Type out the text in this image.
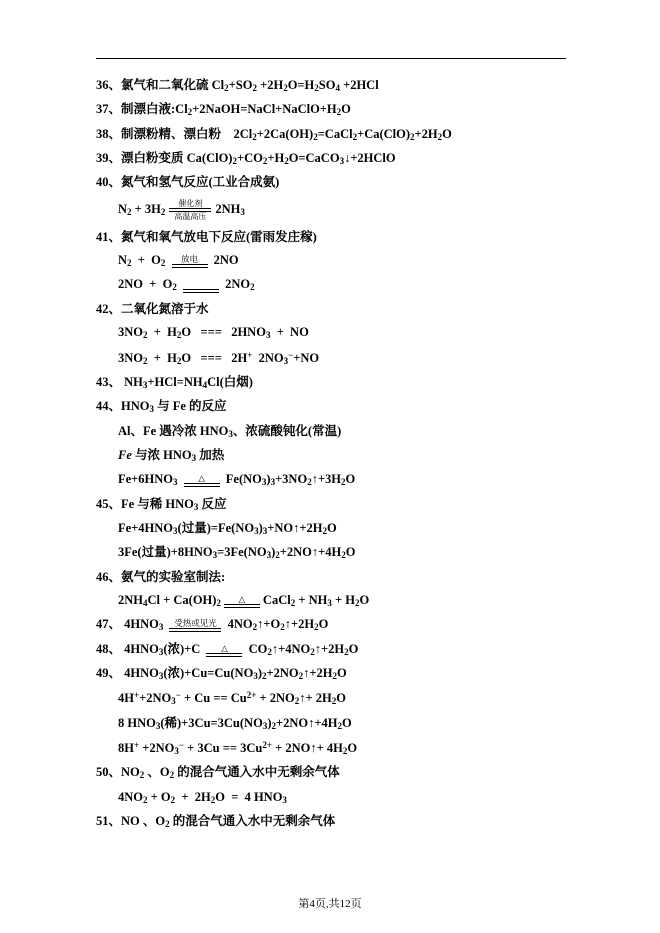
36、氯气和二氧化硫 $Cl_2+SO_2 +2H_2O=H_2SO_4 +2HCl$
37、制漂白液$:Cl_2+2NaOH=NaCl+NaClO+H_2O$
38、制漂粉精、漂白粉    $2Cl_2+2Ca(OH)_2=CaCl_2+Ca(ClO)_2+2H_2O$
39、漂白粉变质 $Ca(ClO)_2+CO_2+H_2O=CaCO_3↓+2HClO$
40、氮气和氢气反应(工业合成氨)
$N_2 + 3H_2$
催化剂
高温高压
$2NH_3$
41、氮气和氧气放电下反应(雷雨发庄稼)
$N_2 + O_2$	放电	2NO
$2NO + O_2$
	$2NO_2$
42、二氧化氮溶于水
$3NO_2 + H_2O$   ===   $2HNO_3$  +  NO
$3NO_2 + H_2O$   ===   2H+  $2NO_3^-+NO$
43、 $NH_3+HCl=NH_4Cl$(白烟)
44、$HNO_3$ 与 Fe 的反应
Al、Fe 遇冷浓 $HNO_3$、浓硫酸钝化(常温)
Fe 与浓 $HNO_3$ 加热
$Fe+6HNO_3$	△	$Fe(NO_3)_3+3NO_2↑+3H_2O$
45、Fe 与稀 $HNO_3$ 反应
$Fe+4HNO_3$(过量)$=Fe(NO_3)_3+NO↑+2H_2O$
3Fe(过量)$+8HNO_3=3Fe(NO_3)_2+2NO↑+4H_2O$
46、氨气的实验室制法:
$2NH_4Cl + Ca(OH)_2$	△	CaCl$_2$ + $NH_3 + H_2O$
47、 $4HNO_3$	受热或见光 $4NO_2↑+O_2↑+2H_2O$
48、 $4HNO_3$(浓)+C	△	$CO_2↑+4NO_2↑+2H_2O$
49、 $4HNO_3$(浓)$+Cu=Cu(NO_3)_2+2NO_2↑+2H_2O$
$4H^++2NO_3^- + Cu == Cu^{2+}$ + $2NO_2↑+ 2H_2O$
8 $HNO_3$(稀)$+3Cu=3Cu(NO_3)_2+2NO↑+4H_2O$
$8H^+ +2NO_3^- + 3Cu == 3Cu^{2+}$ + 2NO↑+ $4H_2O$
50、$NO_2$ 、$O_2$ 的混合气通入水中无剩余气体
$4NO_2 + O_2 + 2H_2O = 4$ $HNO_3$
51、NO 、$O_2$ 的混合气通入水中无剩余气体
第4页,共12页
